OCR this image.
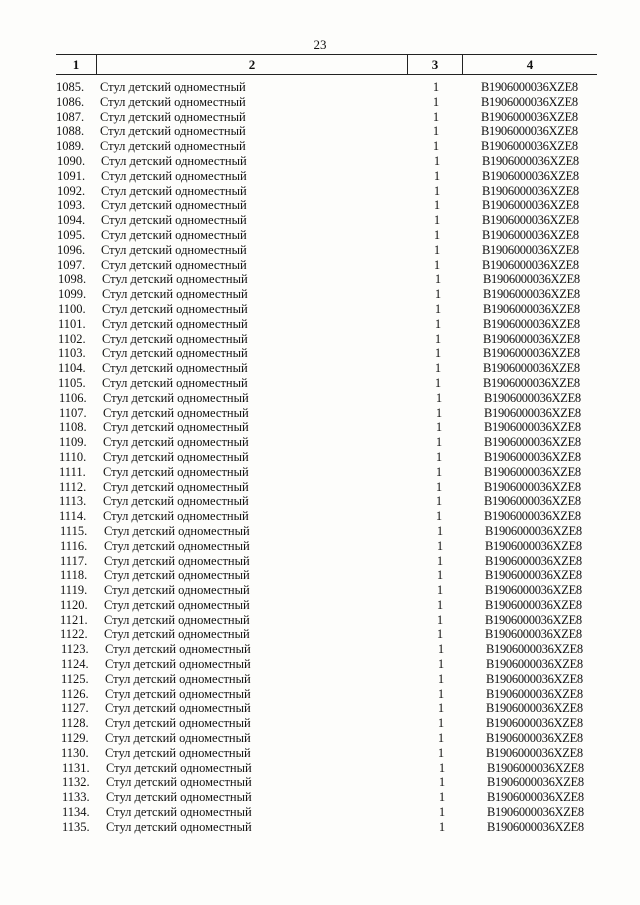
23
1	2	3	4
1085.	Стул детский одноместный	1	B1906000036XZE8
1086.	Стул детский одноместный	1	B1906000036XZE8
1087.	Стул детский одноместный	1	B1906000036XZE8
1088.	Стул детский одноместный	1	B1906000036XZE8
1089.	Стул детский одноместный	1	B1906000036XZE8
1090.	Стул детский одноместный	1	B1906000036XZE8
1091.	Стул детский одноместный	1	B1906000036XZE8
1092.	Стул детский одноместный	1	B1906000036XZE8
1093.	Стул детский одноместный	1	B1906000036XZE8
1094.	Стул детский одноместный	1	B1906000036XZE8
1095.	Стул детский одноместный	1	B1906000036XZE8
1096.	Стул детский одноместный	1	B1906000036XZE8
1097.	Стул детский одноместный	1	B1906000036XZE8
1098.	Стул детский одноместный	1	B1906000036XZE8
1099.	Стул детский одноместный	1	B1906000036XZE8
1100.	Стул детский одноместный	1	B1906000036XZE8
1101.	Стул детский одноместный	1	B1906000036XZE8
1102.	Стул детский одноместный	1	B1906000036XZE8
1103.	Стул детский одноместный	1	B1906000036XZE8
1104.	Стул детский одноместный	1	B1906000036XZE8
1105.	Стул детский одноместный	1	B1906000036XZE8
1106.	Стул детский одноместный	1	B1906000036XZE8
1107.	Стул детский одноместный	1	B1906000036XZE8
1108.	Стул детский одноместный	1	B1906000036XZE8
1109.	Стул детский одноместный	1	B1906000036XZE8
1110.	Стул детский одноместный	1	B1906000036XZE8
1111.	Стул детский одноместный	1	B1906000036XZE8
1112.	Стул детский одноместный	1	B1906000036XZE8
1113.	Стул детский одноместный	1	B1906000036XZE8
1114.	Стул детский одноместный	1	B1906000036XZE8
1115.	Стул детский одноместный	1	B1906000036XZE8
1116.	Стул детский одноместный	1	B1906000036XZE8
1117.	Стул детский одноместный	1	B1906000036XZE8
1118.	Стул детский одноместный	1	B1906000036XZE8
1119.	Стул детский одноместный	1	B1906000036XZE8
1120.	Стул детский одноместный	1	B1906000036XZE8
1121.	Стул детский одноместный	1	B1906000036XZE8
1122.	Стул детский одноместный	1	B1906000036XZE8
1123.	Стул детский одноместный	1	B1906000036XZE8
1124.	Стул детский одноместный	1	B1906000036XZE8
1125.	Стул детский одноместный	1	B1906000036XZE8
1126.	Стул детский одноместный	1	B1906000036XZE8
1127.	Стул детский одноместный	1	B1906000036XZE8
1128.	Стул детский одноместный	1	B1906000036XZE8
1129.	Стул детский одноместный	1	B1906000036XZE8
1130.	Стул детский одноместный	1	B1906000036XZE8
1131.	Стул детский одноместный	1	B1906000036XZE8
1132.	Стул детский одноместный	1	B1906000036XZE8
1133.	Стул детский одноместный	1	B1906000036XZE8
1134.	Стул детский одноместный	1	B1906000036XZE8
1135.	Стул детский одноместный	1	B1906000036XZE8
